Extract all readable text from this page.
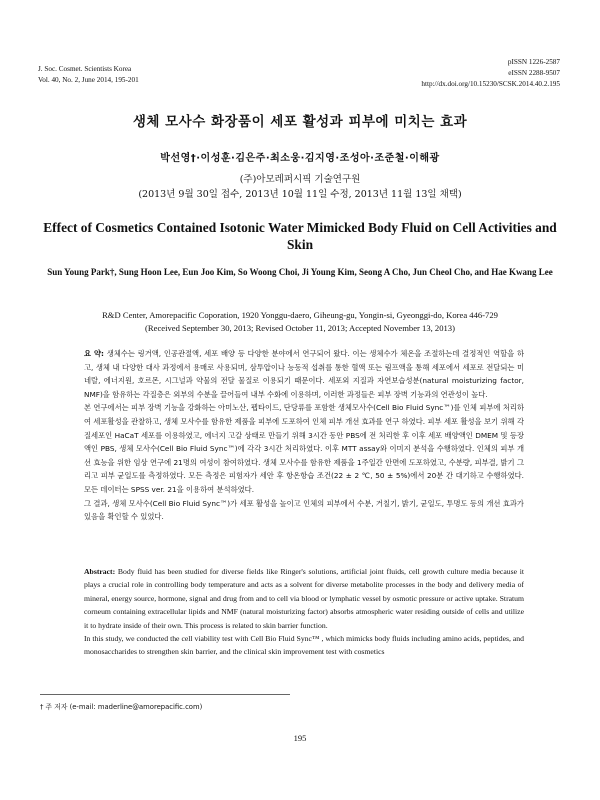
J. Soc. Cosmet. Scientists Korea
Vol. 40, No. 2, June 2014, 195-201
pISSN 1226-2587
eISSN 2288-9507
http://dx.doi.org/10.15230/SCSK.2014.40.2.195
생체 모사수 화장품이 세포 활성과 피부에 미치는 효과
박선영†·이성훈·김은주·최소웅·김지영·조성아·조준철·이해광
(주)아모레퍼시픽 기술연구원
(2013년 9월 30일 접수, 2013년 10월 11일 수정, 2013년 11월 13일 채택)
Effect of Cosmetics Contained Isotonic Water Mimicked Body Fluid on Cell Activities and Skin
Sun Young Park†, Sung Hoon Lee, Eun Joo Kim, So Woong Choi, Ji Young Kim, Seong A Cho, Jun Cheol Cho, and Hae Kwang Lee
R&D Center, Amorepacific Coporation, 1920 Yonggu-daero, Giheung-gu, Yongin-si, Gyeonggi-do, Korea 446-729
(Received September 30, 2013; Revised October 11, 2013; Accepted November 13, 2013)

요 약: 생체수는 링거액, 인공관절액, 세포 배양 등 다양한 분야에서 연구되어 왔다. 이는 생체수가 체온을 조절하는데 결정적인 역할을 하고, 생체 내 다양한 대사 과정에서 용매로 사용되며, 삼투압이나 능동적 섭취를 통한 혈액 또는 림프액을 통해 세포에서 세포로 전달되는 미네랄, 에너지원, 호르몬, 시그널과 약물의 전달 물질로 이용되기 때문이다. 세포외 지질과 자연보습성분(natural moisturizing factor, NMF)을 함유하는 각질층은 외부의 수분을 끌어들여 내부 수화에 이용하며, 이러한 과정들은 피부 장벽 기능과의 연관성이 높다.

본 연구에서는 피부 장벽 기능을 강화하는 아미노산, 펩타이드, 단당류를 포함한 생체모사수(Cell Bio Fluid Sync™)를 인체 피부에 처리하여 세포활성을 관찰하고, 생체 모사수를 함유한 제품을 피부에 도포하여 인체 피부 개선 효과를 연구 하였다. 피부 세포 활성을 보기 위해 각질세포인 HaCaT 세포를 이용하였고, 에너지 고갈 상태로 만들기 위해 3시간 동안 PBS에 전 처리한 후 이후 세포 배양액인 DMEM 및 등장액인 PBS, 생체 모사수(Cell Bio Fluid Sync™)에 각각 3시간 처리하였다. 이후 MTT assay와 이미지 분석을 수행하였다. 인체의 피부 개선 효능을 위한 임상 연구에 21명의 여성이 참여하였다. 생체 모사수를 함유한 제품을 1주일간 안면에 도포하였고, 수분량, 피부결, 밝기 그리고 피부 균일도를 측정하였다. 모든 측정은 피험자가 세안 후 항온항습 조건(22 ± 2 ℃, 50 ± 5%)에서 20분 간 대기하고 수행하였다. 모든 데이터는 SPSS ver. 21을 이용하여 분석하였다.

그 결과, 생체 모사수(Cell Bio Fluid Sync™)가 세포 활성을 높이고 인체의 피부에서 수분, 거칠기, 밝기, 균일도, 투명도 등의 개선 효과가 있음을 확인할 수 있었다.

Abstract: Body fluid has been studied for diverse fields like Ringer's solutions, artificial joint fluids, cell growth culture media because it plays a crucial role in controlling body temperature and acts as a solvent for diverse metabolite processes in the body and delivery media of mineral, energy source, hormone, signal and drug from and to cell via blood or lymphatic vessel by osmotic pressure or active uptake. Stratum corneum containing extracellular lipids and NMF (natural moisturizing factor) absorbs atmospheric water residing outside of cells and utilize it to hydrate inside of their own. This process is related to skin barrier function.

In this study, we conducted the cell viability test with Cell Bio Fluid Sync™ , which mimicks body fluids including amino acids, peptides, and monosaccharides to strengthen skin barrier, and the clinical skin improvement test with cosmetics

† 주 저자 (e-mail: maderline@amorepacific.com)
195
